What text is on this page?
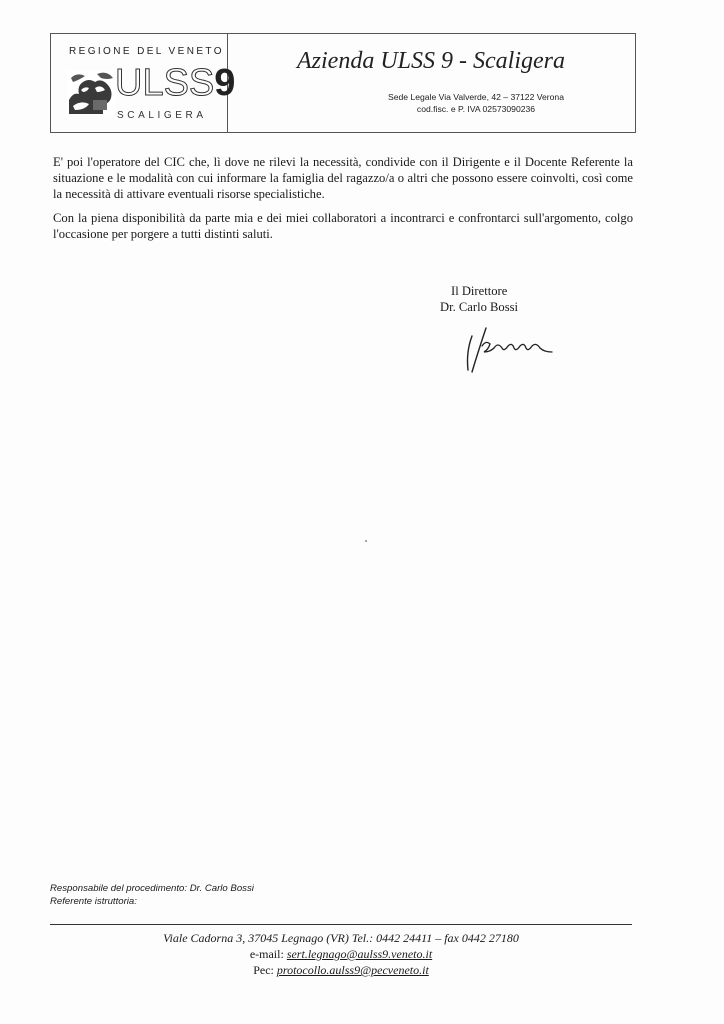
REGIONE DEL VENETO
ULSS9
SCALIGERA
Azienda ULSS 9 - Scaligera
Sede Legale Via Valverde, 42 – 37122 Verona
cod.fisc. e P. IVA 02573090236

E' poi l'operatore del CIC che, lì dove ne rilevi la necessità, condivide con il Dirigente e il Docente Referente la situazione e le modalità con cui informare la famiglia del ragazzo/a o altri che possono essere coinvolti, così come la necessità di attivare eventuali risorse specialistiche.

Con la piena disponibilità da parte mia e dei miei collaboratori a incontrarci e confrontarci sull'argomento, colgo l'occasione per porgere a tutti distinti saluti.

Il Direttore
Dr. Carlo Bossi
Responsabile del procedimento: Dr. Carlo Bossi
Referente istruttoria:
Viale Cadorna 3, 37045 Legnago (VR) Tel.: 0442 24411 – fax 0442 27180
e-mail: sert.legnago@aulss9.veneto.it
Pec: protocollo.aulss9@pecveneto.it
